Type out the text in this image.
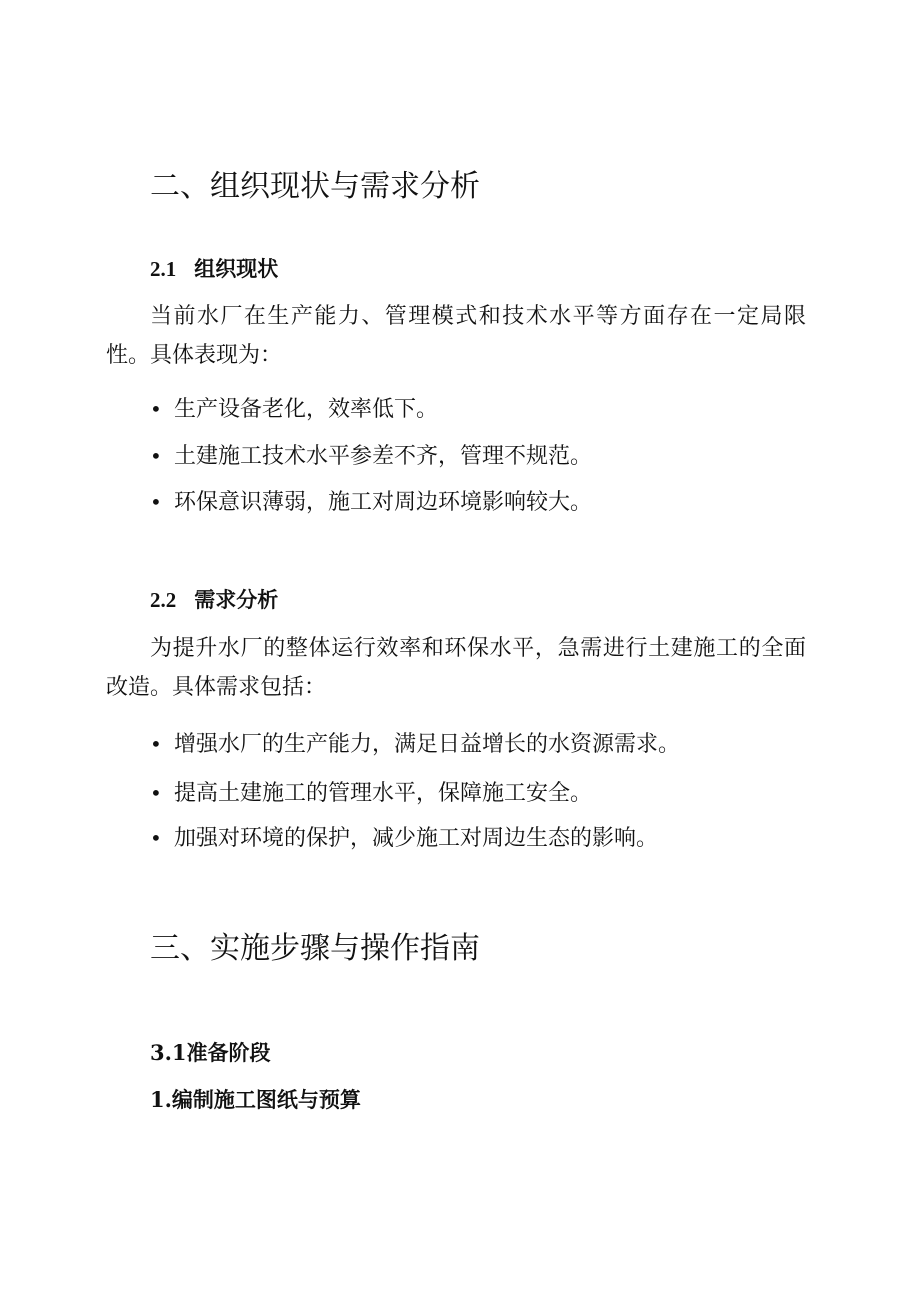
二、组织现状与需求分析
2.1 组织现状

当前水厂在生产能力、管理模式和技术水平等方面存在一定局限性。具体表现为：

• 生产设备老化，效率低下。
• 土建施工技术水平参差不齐，管理不规范。
• 环保意识薄弱，施工对周边环境影响较大。
2.2 需求分析

为提升水厂的整体运行效率和环保水平，急需进行土建施工的全面改造。具体需求包括：

• 增强水厂的生产能力，满足日益增长的水资源需求。
• 提高土建施工的管理水平，保障施工安全。
• 加强对环境的保护，减少施工对周边生态的影响。
三、实施步骤与操作指南
3.1准备阶段
1.编制施工图纸与预算
